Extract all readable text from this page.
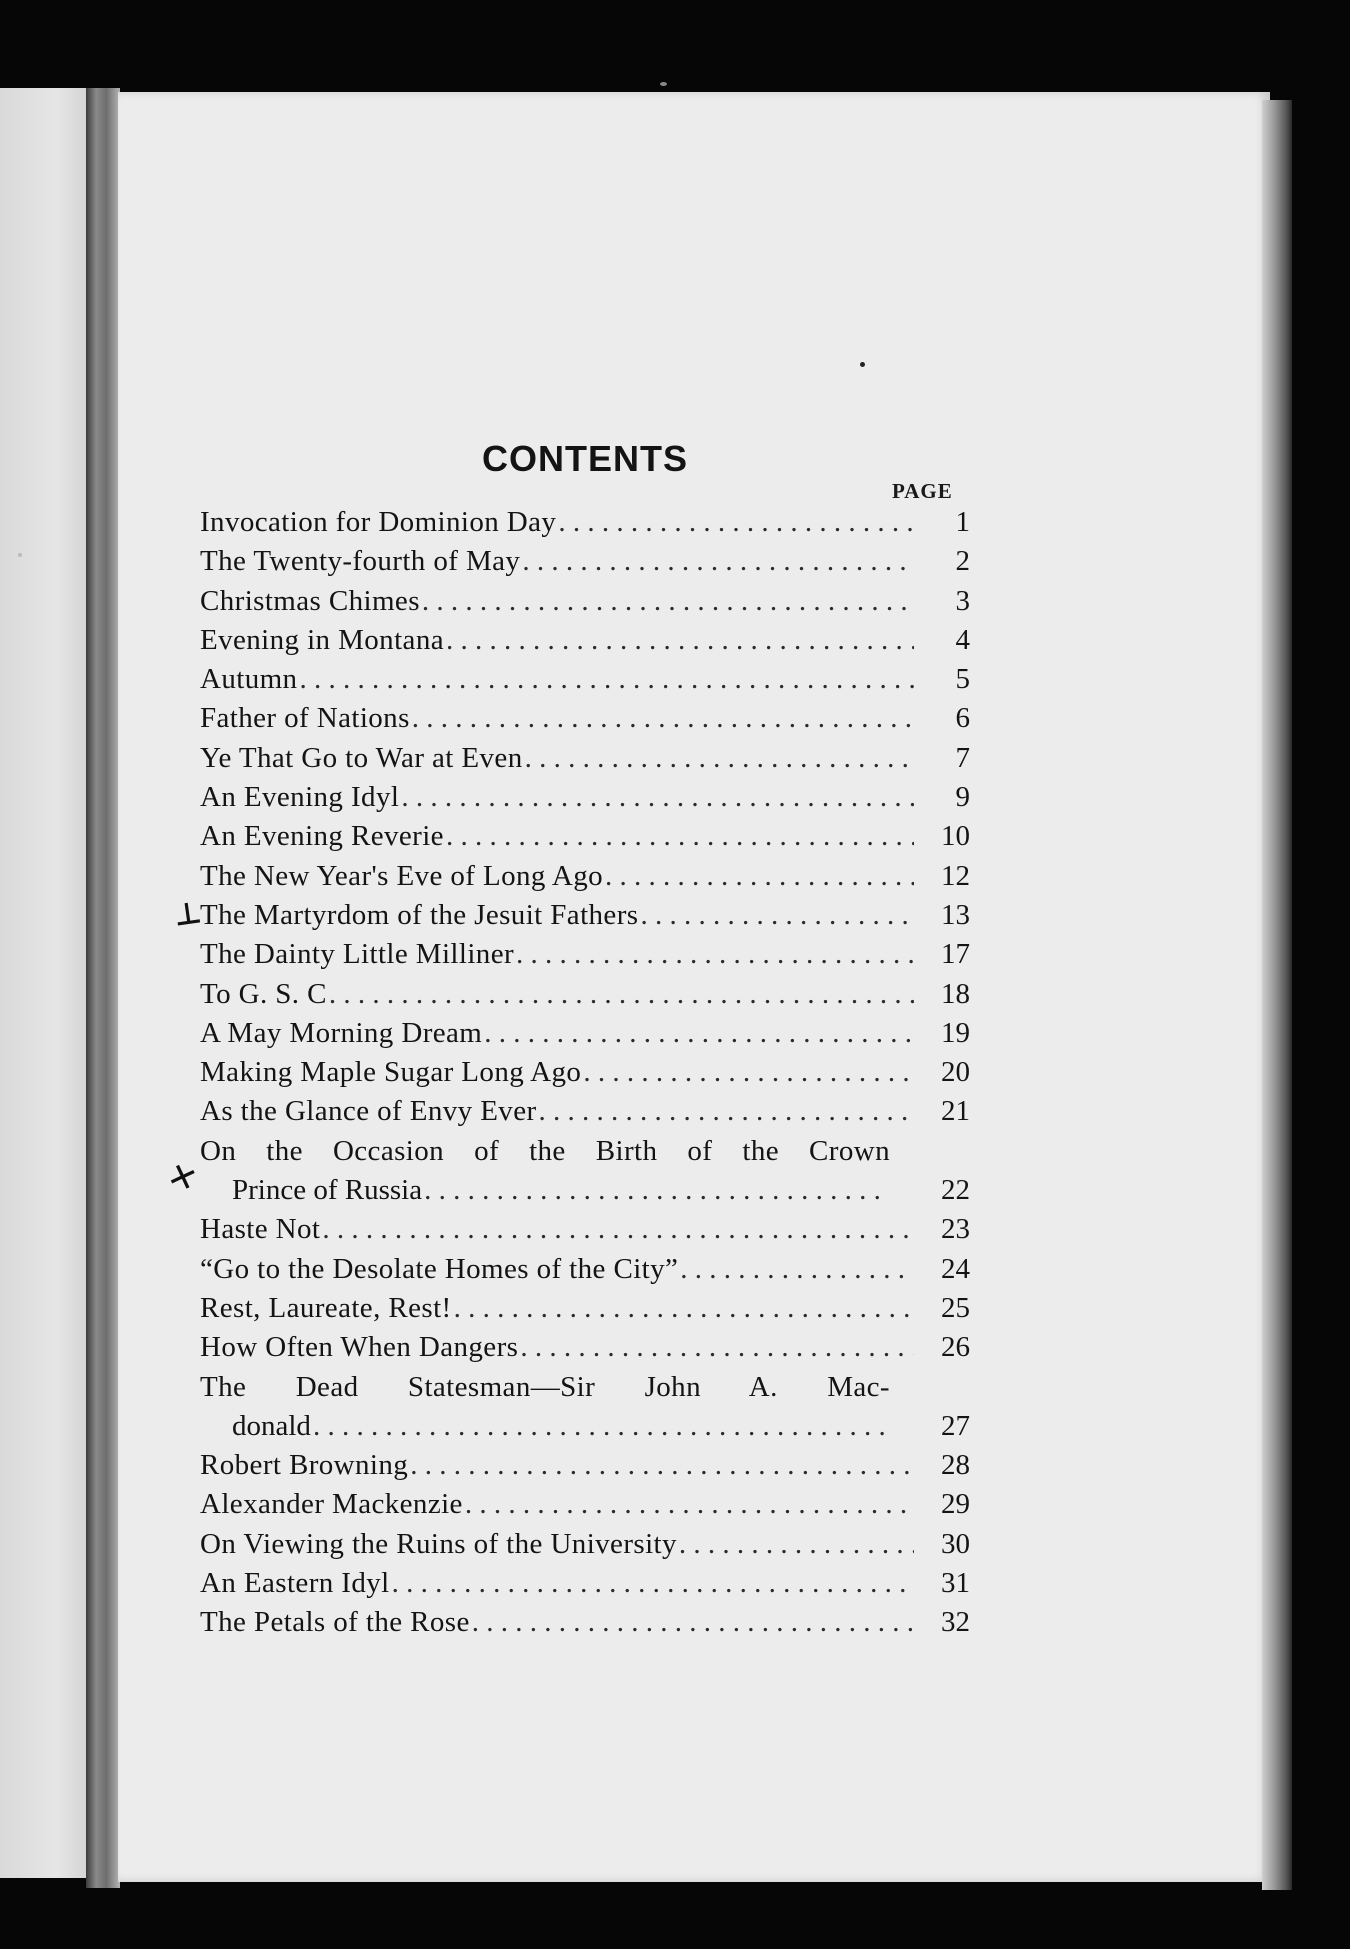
CONTENTS
PAGE
Invocation for Dominion Day . . .	1
The Twenty-fourth of May . . .	2
Christmas Chimes . . .	3
Evening in Montana . . .	4
Autumn . . .	5
Father of Nations . . .	6
Ye That Go to War at Even . . .	7
An Evening Idyl . . .	9
An Evening Reverie . . .	10
The New Year's Eve of Long Ago . . .	12
The Martyrdom of the Jesuit Fathers . . .	13
The Dainty Little Milliner . . .	17
To G. S. C . . .	18
A May Morning Dream . . .	19
Making Maple Sugar Long Ago . . .	20
As the Glance of Envy Ever . . .	21
On the Occasion of the Birth of the Crown
Prince of Russia . . .	22
Haste Not . . .	23
“Go to the Desolate Homes of the City” . . .	24
Rest, Laureate, Rest! . . .	25
How Often When Dangers . . .	26
The Dead Statesman—Sir John A. Mac-
donald . . .	27
Robert Browning . . .	28
Alexander Mackenzie . . .	29
On Viewing the Ruins of the University . . .	30
An Eastern Idyl . . .	31
The Petals of the Rose . . .	32
⊥
✕
